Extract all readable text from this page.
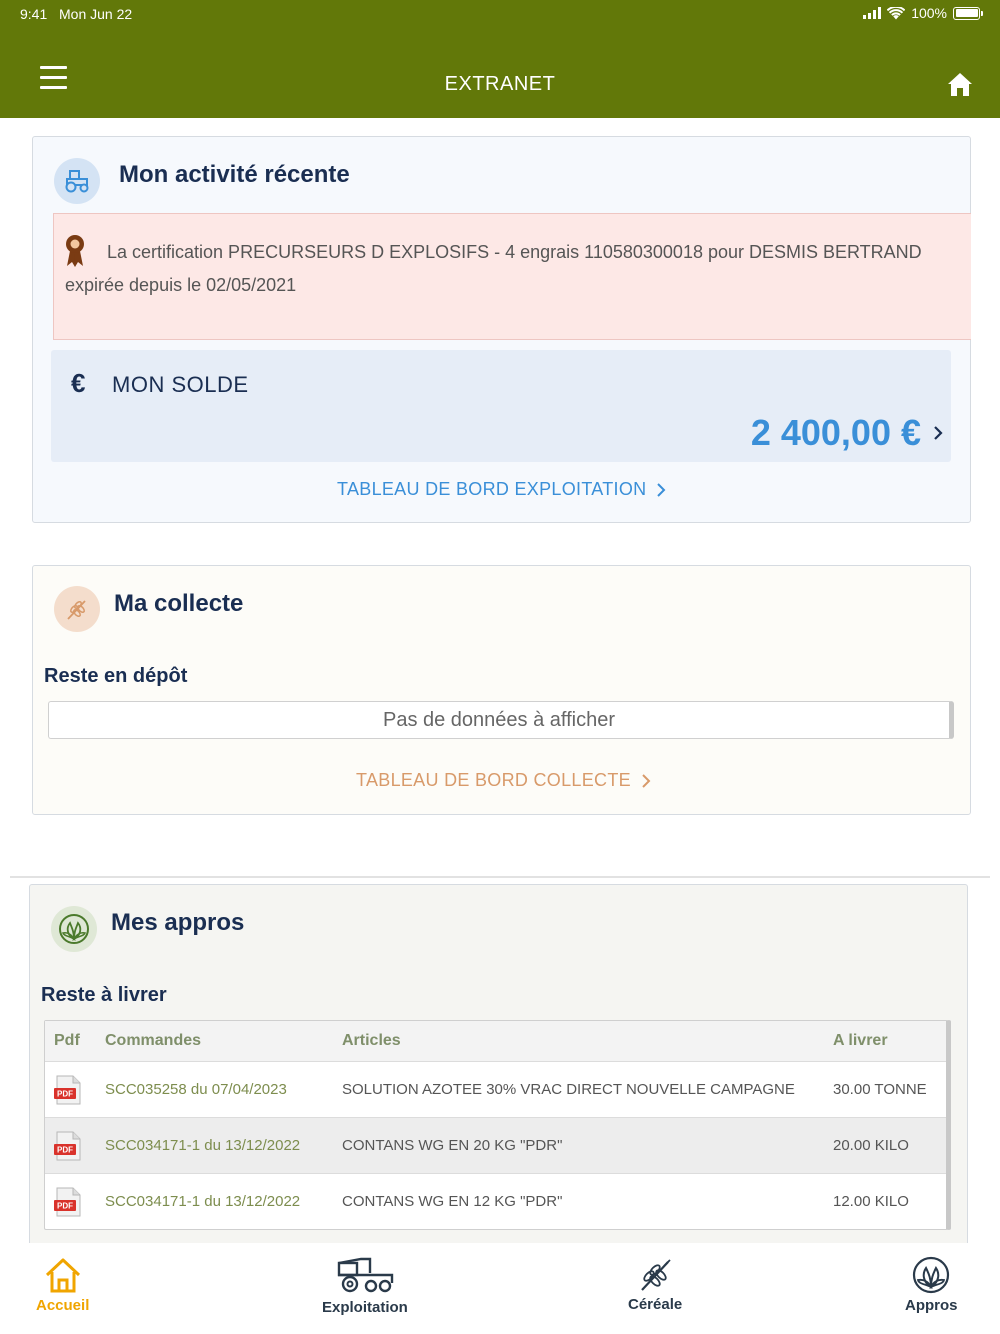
9:41 Mon Jun 22	100%
EXTRANET
Mon activité récente
La certification PRECURSEURS D EXPLOSIFS - 4 engrais 110580300018 pour DESMIS BERTRAND expirée depuis le 02/05/2021
€ MON SOLDE
2 400,00 €
TABLEAU DE BORD EXPLOITATION
Ma collecte
Reste en dépôt
Pas de données à afficher
TABLEAU DE BORD COLLECTE
Mes appros
Reste à livrer
Pdf Commandes	Articles	A livrer
PDF SCC035258 du 07/04/2023	SOLUTION AZOTEE 30% VRAC DIRECT NOUVELLE CAMPAGNE	30.00 TONNE
PDF SCC034171-1 du 13/12/2022	CONTANS WG EN 20 KG "PDR"	20.00 KILO
PDF SCC034171-1 du 13/12/2022	CONTANS WG EN 12 KG "PDR"	12.00 KILO
Accueil	Exploitation	Céréale	Appros
